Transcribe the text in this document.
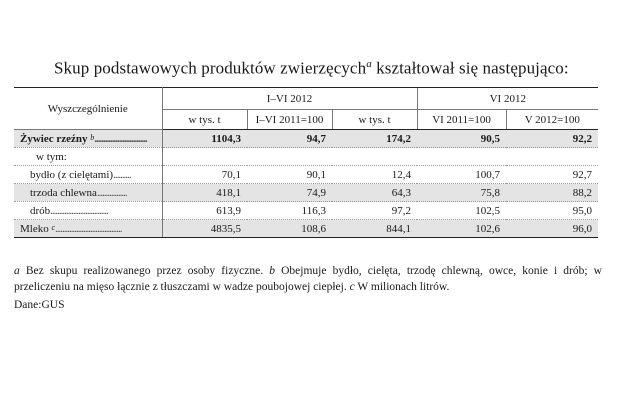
Skup podstawowych produktów zwierzęcych$^a$ kształtował się następująco:
Wyszczególnienie	I–VI 2012			VI 2012	
	w tys. t	I–VI 2011=100	w tys. t	VI 2011=100	V 2012=100
Żywiec rzeźny $^b$..............................	1104,3	94,7	174,2	90,5	92,2
w tym:					
bydło (z cielętami)..........	70,1	90,1	12,4	100,7	92,7
trzoda chlewna.................	418,1	74,9	64,3	75,8	88,2
drób.................................	613,9	116,3	97,2	102,5	95,0
Mleko $^c$......................................	4835,5	108,6	844,1	102,6	96,0
a Bez skupu realizowanego przez osoby fizyczne. b Obejmuje bydło, cielęta, trzodę chlewną, owce, konie i drób; w przeliczeniu na mięso łącznie z tłuszczami w wadze poubojowej ciepłej. c W milionach litrów.
Dane:GUS
